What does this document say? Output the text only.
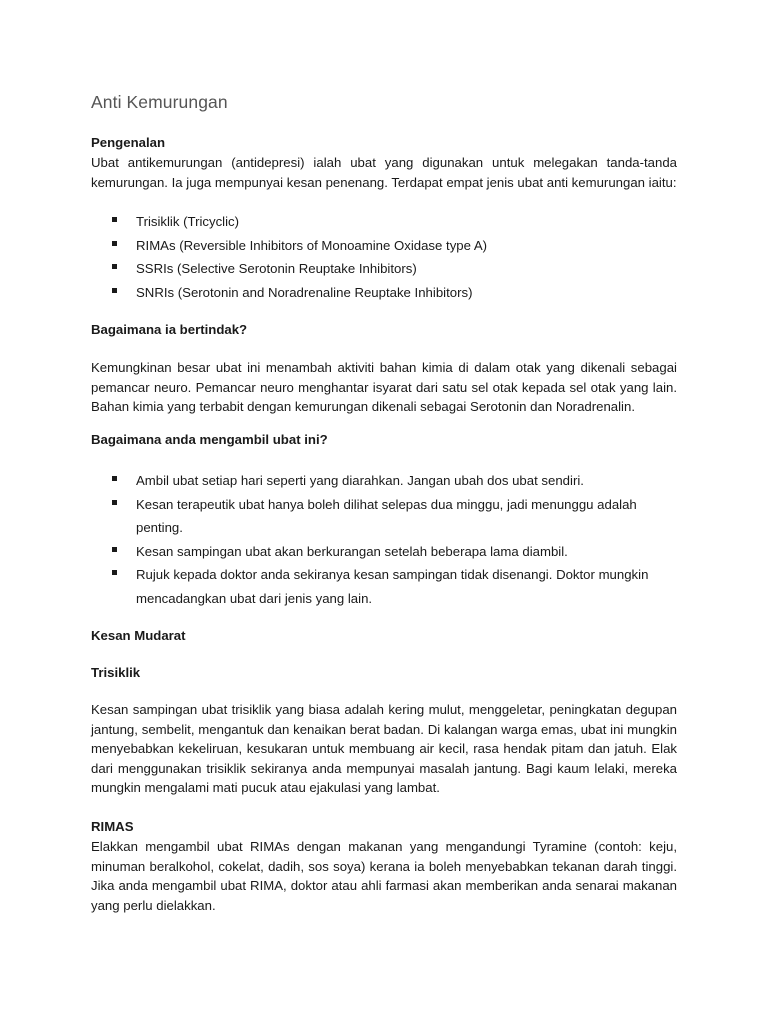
Anti Kemurungan

Pengenalan

Ubat antikemurungan (antidepresi) ialah ubat yang digunakan untuk melegakan tanda-tanda kemurungan. Ia juga mempunyai kesan penenang. Terdapat empat jenis ubat anti kemurungan iaitu:

Trisiklik (Tricyclic)
RIMAs (Reversible Inhibitors of Monoamine Oxidase type A)
SSRIs (Selective Serotonin Reuptake Inhibitors)
SNRIs (Serotonin and Noradrenaline Reuptake Inhibitors)

Bagaimana ia bertindak?

Kemungkinan besar ubat ini menambah aktiviti bahan kimia di dalam otak yang dikenali sebagai pemancar neuro. Pemancar neuro menghantar isyarat dari satu sel otak kepada sel otak yang lain. Bahan kimia yang terbabit dengan kemurungan dikenali sebagai Serotonin dan Noradrenalin.

Bagaimana anda mengambil ubat ini?

Ambil ubat setiap hari seperti yang diarahkan. Jangan ubah dos ubat sendiri.
Kesan terapeutik ubat hanya boleh dilihat selepas dua minggu, jadi menunggu adalah penting.
Kesan sampingan ubat akan berkurangan setelah beberapa lama diambil.
Rujuk kepada doktor anda sekiranya kesan sampingan tidak disenangi. Doktor mungkin mencadangkan ubat dari jenis yang lain.

Kesan Mudarat

Trisiklik

Kesan sampingan ubat trisiklik yang biasa adalah kering mulut, menggeletar, peningkatan degupan jantung, sembelit, mengantuk dan kenaikan berat badan. Di kalangan warga emas, ubat ini mungkin menyebabkan kekeliruan, kesukaran untuk membuang air kecil, rasa hendak pitam dan jatuh. Elak dari menggunakan trisiklik sekiranya anda mempunyai masalah jantung. Bagi kaum lelaki, mereka mungkin mengalami mati pucuk atau ejakulasi yang lambat.

RIMAS

Elakkan mengambil ubat RIMAs dengan makanan yang mengandungi Tyramine (contoh: keju, minuman beralkohol, cokelat, dadih, sos soya) kerana ia boleh menyebabkan tekanan darah tinggi. Jika anda mengambil ubat RIMA, doktor atau ahli farmasi akan memberikan anda senarai makanan yang perlu dielakkan.
